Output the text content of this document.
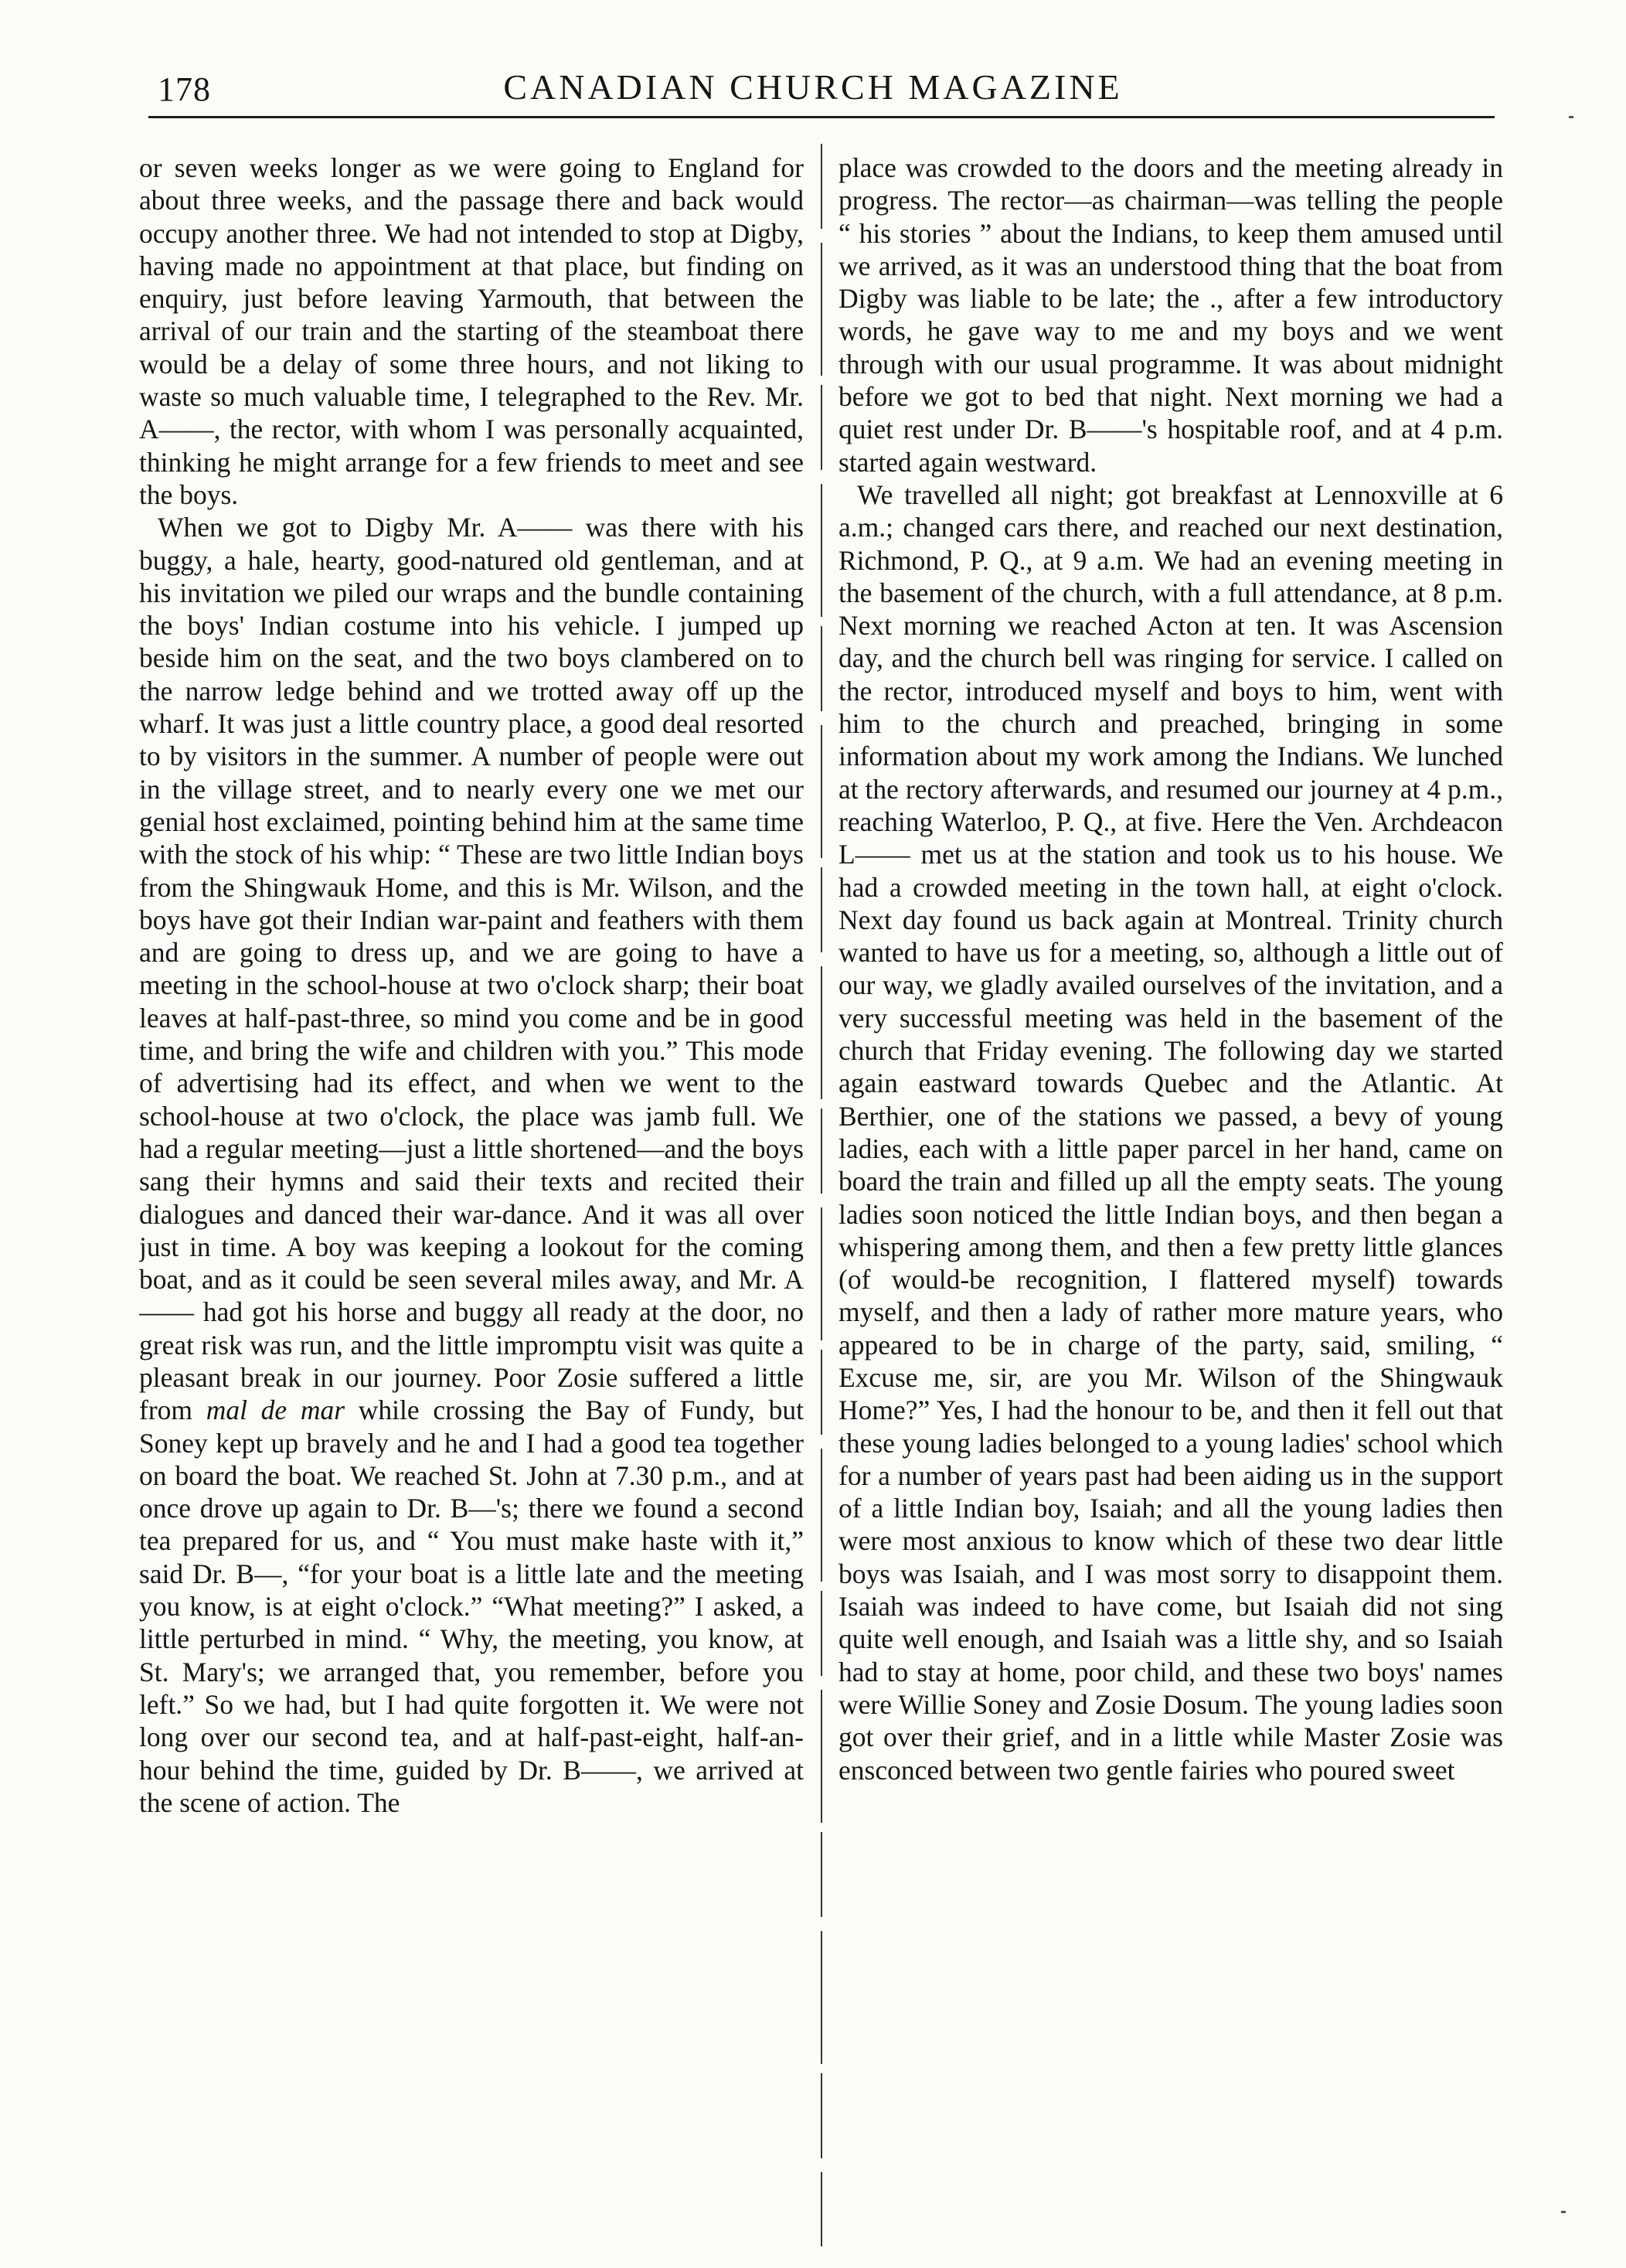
178	CANADIAN CHURCH MAGAZINE

or seven weeks longer as we were going to England for about three weeks, and the passage there and back would occupy another three. We had not intended to stop at Digby, having made no appointment at that place, but finding on enquiry, just before leaving Yarmouth, that between the arrival of our train and the starting of the steamboat there would be a delay of some three hours, and not liking to waste so much valuable time, I telegraphed to the Rev. Mr. A——, the rector, with whom I was personally acquainted, thinking he might arrange for a few friends to meet and see the boys.

When we got to Digby Mr. A—— was there with his buggy, a hale, hearty, good-natured old gentleman, and at his invitation we piled our wraps and the bundle containing the boys' Indian costume into his vehicle. I jumped up beside him on the seat, and the two boys clambered on to the narrow ledge behind and we trotted away off up the wharf. It was just a little country place, a good deal resorted to by visitors in the summer. A number of people were out in the village street, and to nearly every one we met our genial host exclaimed, pointing behind him at the same time with the stock of his whip: “ These are two little Indian boys from the Shingwauk Home, and this is Mr. Wilson, and the boys have got their Indian war-paint and feathers with them and are going to dress up, and we are going to have a meeting in the school-house at two o'clock sharp; their boat leaves at half-past-three, so mind you come and be in good time, and bring the wife and children with you.” This mode of advertising had its effect, and when we went to the school-house at two o'clock, the place was jamb full. We had a regular meeting—just a little shortened—and the boys sang their hymns and said their texts and recited their dialogues and danced their war-dance. And it was all over just in time. A boy was keeping a lookout for the coming boat, and as it could be seen several miles away, and Mr. A—— had got his horse and buggy all ready at the door, no great risk was run, and the little impromptu visit was quite a pleasant break in our journey. Poor Zosie suffered a little from mal de mar while crossing the Bay of Fundy, but Soney kept up bravely and he and I had a good tea together on board the boat. We reached St. John at 7.30 p.m., and at once drove up again to Dr. B—'s; there we found a second tea prepared for us, and “ You must make haste with it,” said Dr. B—, “for your boat is a little late and the meeting you know, is at eight o'clock.” “What meeting?” I asked, a little perturbed in mind. “ Why, the meeting, you know, at St. Mary's; we arranged that, you remember, before you left.” So we had, but I had quite forgotten it. We were not long over our second tea, and at half-past-eight, half-an-hour behind the time, guided by Dr. B——, we arrived at the scene of action. The

place was crowded to the doors and the meeting already in progress. The rector—as chairman—was telling the people “ his stories ” about the Indians, to keep them amused until we arrived, as it was an understood thing that the boat from Digby was liable to be late; the ., after a few introductory words, he gave way to me and my boys and we went through with our usual programme. It was about midnight before we got to bed that night. Next morning we had a quiet rest under Dr. B——'s hospitable roof, and at 4 p.m. started again westward.

We travelled all night; got breakfast at Lennoxville at 6 a.m.; changed cars there, and reached our next destination, Richmond, P. Q., at 9 a.m. We had an evening meeting in the basement of the church, with a full attendance, at 8 p.m. Next morning we reached Acton at ten. It was Ascension day, and the church bell was ringing for service. I called on the rector, introduced myself and boys to him, went with him to the church and preached, bringing in some information about my work among the Indians. We lunched at the rectory afterwards, and resumed our journey at 4 p.m., reaching Waterloo, P. Q., at five. Here the Ven. Archdeacon L—— met us at the station and took us to his house. We had a crowded meeting in the town hall, at eight o'clock. Next day found us back again at Montreal. Trinity church wanted to have us for a meeting, so, although a little out of our way, we gladly availed ourselves of the invitation, and a very successful meeting was held in the basement of the church that Friday evening. The following day we started again eastward towards Quebec and the Atlantic. At Berthier, one of the stations we passed, a bevy of young ladies, each with a little paper parcel in her hand, came on board the train and filled up all the empty seats. The young ladies soon noticed the little Indian boys, and then began a whispering among them, and then a few pretty little glances (of would-be recognition, I flattered myself) towards myself, and then a lady of rather more mature years, who appeared to be in charge of the party, said, smiling, “ Excuse me, sir, are you Mr. Wilson of the Shingwauk Home?” Yes, I had the honour to be, and then it fell out that these young ladies belonged to a young ladies' school which for a number of years past had been aiding us in the support of a little Indian boy, Isaiah; and all the young ladies then were most anxious to know which of these two dear little boys was Isaiah, and I was most sorry to disappoint them. Isaiah was indeed to have come, but Isaiah did not sing quite well enough, and Isaiah was a little shy, and so Isaiah had to stay at home, poor child, and these two boys' names were Willie Soney and Zosie Dosum. The young ladies soon got over their grief, and in a little while Master Zosie was ensconced between two gentle fairies who poured sweet
